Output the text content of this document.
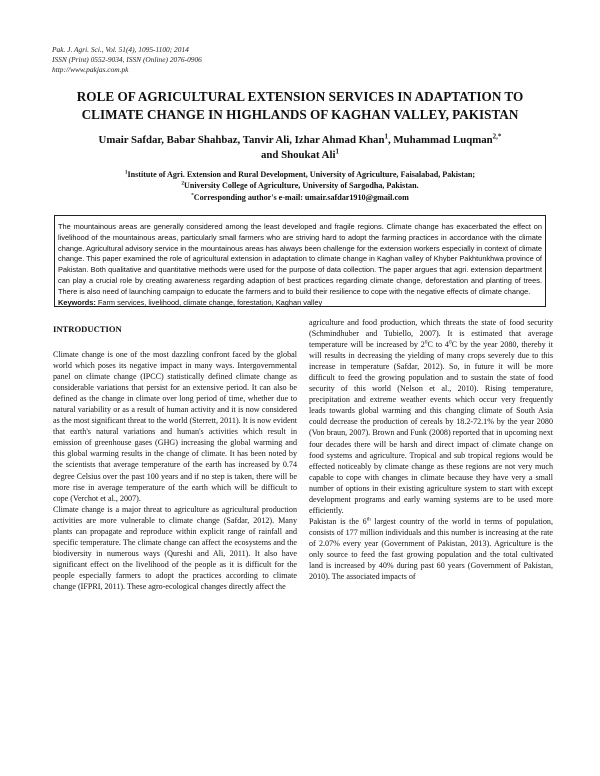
Pak. J. Agri. Sci., Vol. 51(4), 1095-1100; 2014
ISSN (Print) 0552-9034, ISSN (Online) 2076-0906
http://www.pakjas.com.pk
ROLE OF AGRICULTURAL EXTENSION SERVICES IN ADAPTATION TO
CLIMATE CHANGE IN HIGHLANDS OF KAGHAN VALLEY, PAKISTAN
Umair Safdar, Babar Shahbaz, Tanvir Ali, Izhar Ahmad Khan$^1$, Muhammad Luqman$^{2,*}$
and Shoukat Ali$^1$
$^1$Institute of Agri. Extension and Rural Development, University of Agriculture, Faisalabad, Pakistan;
$^2$University College of Agriculture, University of Sargodha, Pakistan.
*Corresponding author's e-mail: umair.safdar1910@gmail.com

The mountainous areas are generally considered among the least developed and fragile regions. Climate change has exacerbated the effect on livelihood of the mountainous areas, particularly small farmers who are striving hard to adopt the farming practices in accordance with the climate change. Agricultural advisory service in the mountainous areas has always been challenge for the extension workers especially in context of climate change. This paper examined the role of agricultural extension in adaptation to climate change in Kaghan valley of Khyber Pakhtunkhwa province of Pakistan. Both qualitative and quantitative methods were used for the purpose of data collection. The paper argues that agri. extension department can play a crucial role by creating awareness regarding adaption of best practices regarding climate change, deforestation and planting of trees. There is also need of launching campaign to educate the farmers and to build their resilience to cope with the negative effects of climate change.

Keywords: Farm services, livelihood, climate change, forestation, Kaghan valley

INTRODUCTION

Climate change is one of the most dazzling confront faced by the global world which poses its negative impact in many ways. Intergovernmental panel on climate change (IPCC) statistically defined climate change as considerable variations that persist for an extensive period. It can also be defined as the change in climate over long period of time, whether due to natural variability or as a result of human activity and it is now considered as the most significant threat to the world (Sterrett, 2011). It is now evident that earth's natural variations and human's activities which result in emission of greenhouse gases (GHG) increasing the global warming and this global warming results in the change of climate. It has been noted by the scientists that average temperature of the earth has increased by 0.74 degree Celsius over the past 100 years and if no step is taken, there will be more rise in average temperature of the earth which will be difficult to cope (Verchot et al., 2007).

Climate change is a major threat to agriculture as agricultural production activities are more vulnerable to climate change (Safdar, 2012). Many plants can propagate and reproduce within explicit range of rainfall and specific temperature. The climate change can affect the ecosystems and the biodiversity in numerous ways (Qureshi and Ali, 2011). It also have significant effect on the livelihood of the people as it is difficult for the people especially farmers to adopt the practices according to climate change (IFPRI, 2011). These agro-ecological changes directly affect the

agriculture and food production, which threats the state of food security (Schmindhuber and Tubiello, 2007). It is estimated that average temperature will be increased by $2^0C$ to $4^0C$ by the year 2080, thereby it will results in decreasing the yielding of many crops severely due to this increase in temperature (Safdar, 2012). So, in future it will be more difficult to feed the growing population and to sustain the state of food security of this world (Nelson et al., 2010). Rising temperature, precipitation and extreme weather events which occur very frequently leads towards global warming and this changing climate of South Asia could decrease the production of cereals by 18.2-72.1% by the year 2080 (Von braun, 2007). Brown and Funk (2008) reported that in upcoming next four decades there will be harsh and direct impact of climate change on food systems and agriculture. Tropical and sub tropical regions would be effected noticeably by climate change as these regions are not very much capable to cope with changes in climate because they have very a small number of options in their existing agriculture system to start with except development programs and early warning systems are to be used more efficiently.

Pakistan is the 6th largest country of the world in terms of population, consists of 177 million individuals and this number is increasing at the rate of 2.07% every year (Government of Pakistan, 2013). Agriculture is the only source to feed the fast growing population and the total cultivated land is increased by 40% during past 60 years (Government of Pakistan, 2010). The associated impacts of
